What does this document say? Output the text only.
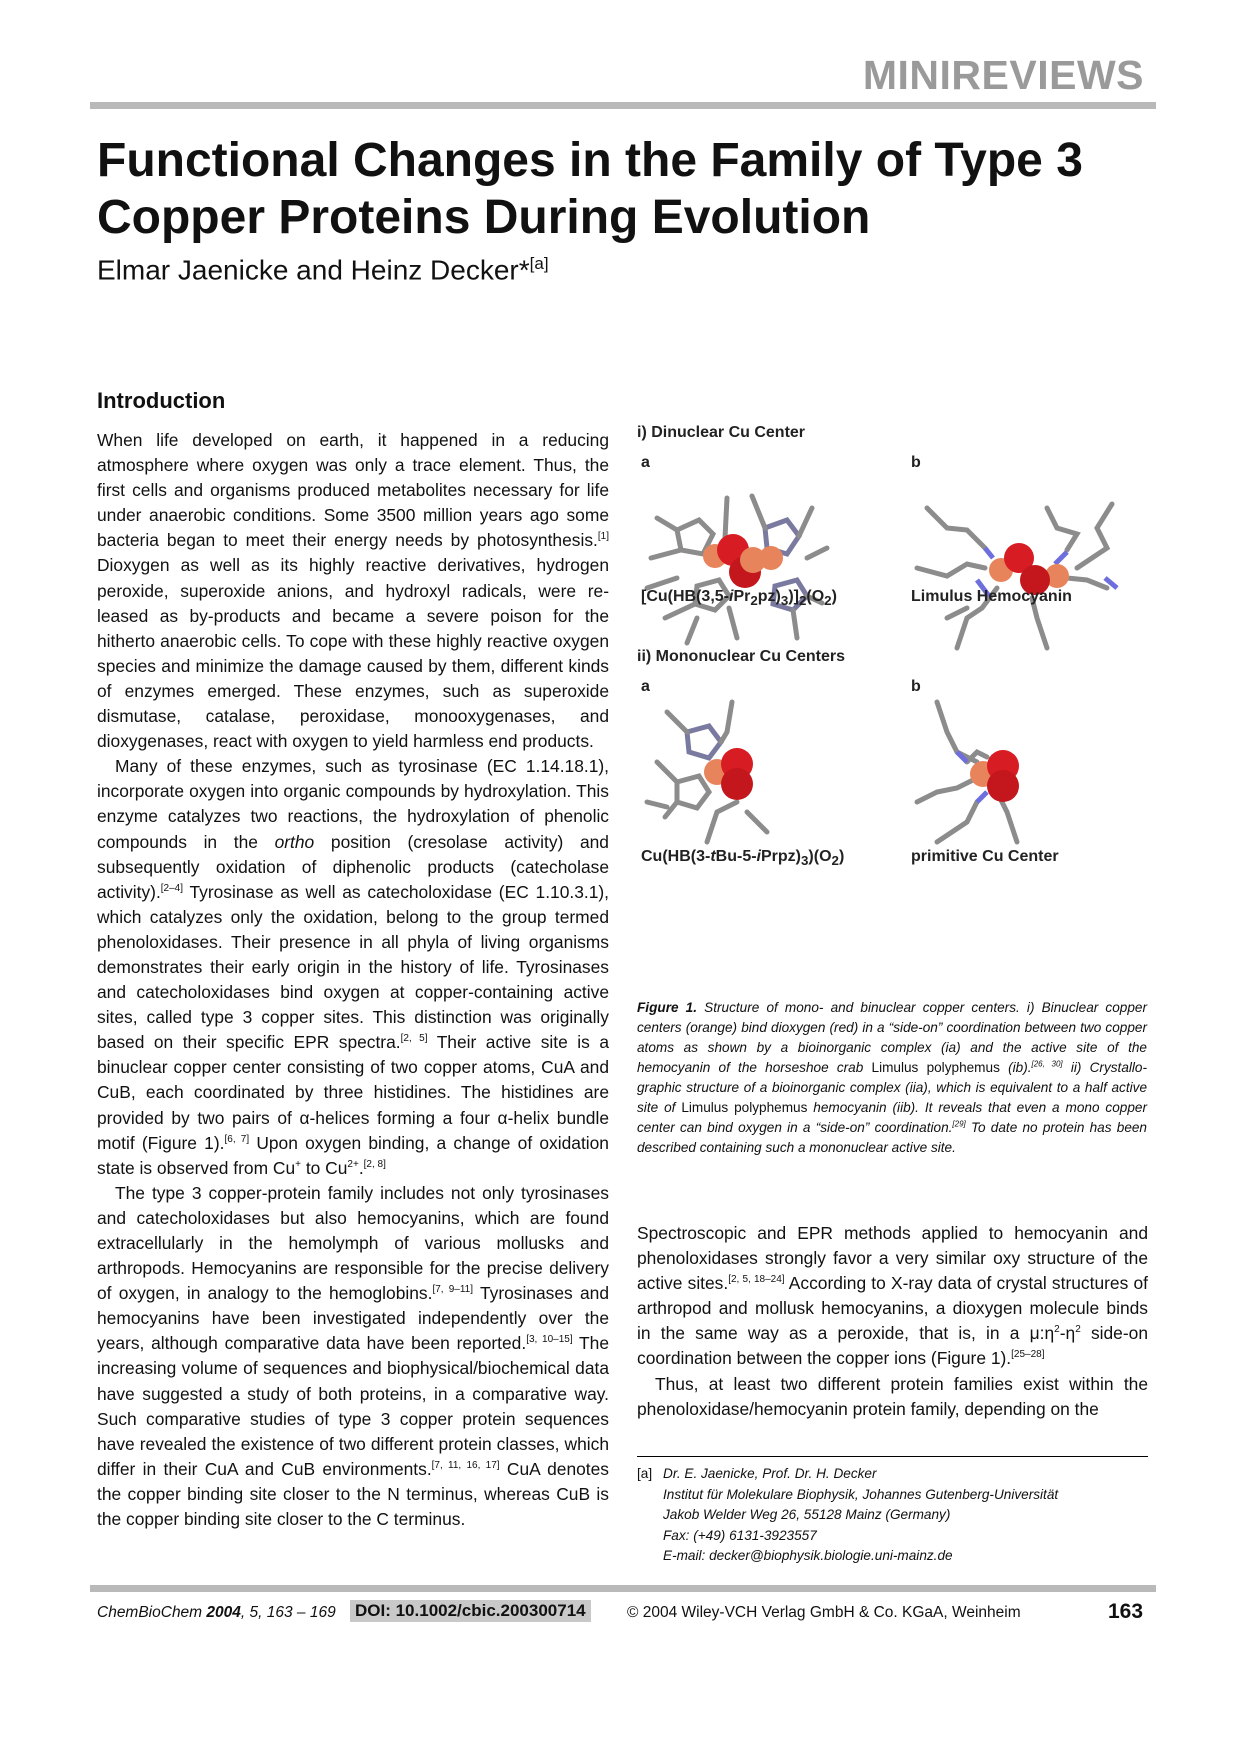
MINIREVIEWS
Functional Changes in the Family of Type 3 Copper Proteins During Evolution
Elmar Jaenicke and Heinz Decker*[a]
Introduction

When life developed on earth, it happened in a reducing atmosphere where oxygen was only a trace element. Thus, the first cells and organisms produced metabolites necessary for life under anaerobic conditions. Some 3500 million years ago some bacteria began to meet their energy needs by photosynthesis.[1] Dioxygen as well as its highly reactive derivatives, hydrogen peroxide, superoxide anions, and hydroxyl radicals, were re-leased as by-products and became a severe poison for the hitherto anaerobic cells. To cope with these highly reactive oxygen species and minimize the damage caused by them, different kinds of enzymes emerged. These enzymes, such as superoxide dismutase, catalase, peroxidase, monooxygenases, and dioxygenases, react with oxygen to yield harmless end products.

Many of these enzymes, such as tyrosinase (EC 1.14.18.1), incorporate oxygen into organic compounds by hydroxylation. This enzyme catalyzes two reactions, the hydroxylation of phenolic compounds in the ortho position (cresolase activity) and subsequently oxidation of diphenolic products (catecholase activity).[2–4] Tyrosinase as well as catecholoxidase (EC 1.10.3.1), which catalyzes only the oxidation, belong to the group termed phenoloxidases. Their presence in all phyla of living organisms demonstrates their early origin in the history of life. Tyrosinases and catecholoxidases bind oxygen at copper-containing active sites, called type 3 copper sites. This distinction was originally based on their specific EPR spectra.[2, 5] Their active site is a binuclear copper center consisting of two copper atoms, CuA and CuB, each coordinated by three histidines. The histidines are provided by two pairs of α-helices forming a four α-helix bundle motif (Figure 1).[6, 7] Upon oxygen binding, a change of oxidation state is observed from Cu+ to $Cu^{2+}.[2, 8]$

The type 3 copper-protein family includes not only tyrosinases and catecholoxidases but also hemocyanins, which are found extracellularly in the hemolymph of various mollusks and arthropods. Hemocyanins are responsible for the precise delivery of oxygen, in analogy to the hemoglobins.[7, 9–11] Tyrosinases and hemocyanins have been investigated independently over the years, although comparative data have been reported.[3, 10–15] The increasing volume of sequences and biophysical/biochemical data have suggested a study of both proteins, in a comparative way. Such comparative studies of type 3 copper protein sequences have revealed the existence of two different protein classes, which differ in their CuA and CuB environments.[7, 11, 16, 17] CuA denotes the copper binding site closer to the N terminus, whereas CuB is the copper binding site closer to the C terminus.

i) Dinuclear Cu Center
a	b
$[Cu(HB(3,5-iPr_2pz)_3)]_2(O_2)$	Limulus Hemocyanin
ii) Mononuclear Cu Centers
a	b
$Cu(HB(3-tBu-5-iPrpz)_3)(O_2)$	primitive Cu Center
Figure 1. Structure of mono- and binuclear copper centers. i) Binuclear copper centers (orange) bind dioxygen (red) in a “side-on” coordination between two copper atoms as shown by a bioinorganic complex (ia) and the active site of the hemocyanin of the horseshoe crab Limulus polyphemus (ib).[26, 30] ii) Crystallo-graphic structure of a bioinorganic complex (iia), which is equivalent to a half active site of Limulus polyphemus hemocyanin (iib). It reveals that even a mono copper center can bind oxygen in a “side-on” coordination.[29] To date no protein has been described containing such a mononuclear active site.

Spectroscopic and EPR methods applied to hemocyanin and phenoloxidases strongly favor a very similar oxy structure of the active sites.[2, 5, 18–24] According to X-ray data of crystal structures of arthropod and mollusk hemocyanins, a dioxygen molecule binds in the same way as a peroxide, that is, in a $\mu:\eta^2-\eta^2$ side-on coordination between the copper ions (Figure 1).[25–28]

Thus, at least two different protein families exist within the phenoloxidase/hemocyanin protein family, depending on the

[a] Dr. E. Jaenicke, Prof. Dr. H. Decker
Institut für Molekulare Biophysik, Johannes Gutenberg-Universität
Jakob Welder Weg 26, 55128 Mainz (Germany)
Fax: (+49) 6131-3923557
E-mail: decker@biophysik.biologie.uni-mainz.de
ChemBioChem 2004, 5, 163 – 169 DOI: 10.1002/cbic.200300714	© 2004 Wiley-VCH Verlag GmbH & Co. KGaA, Weinheim	163
